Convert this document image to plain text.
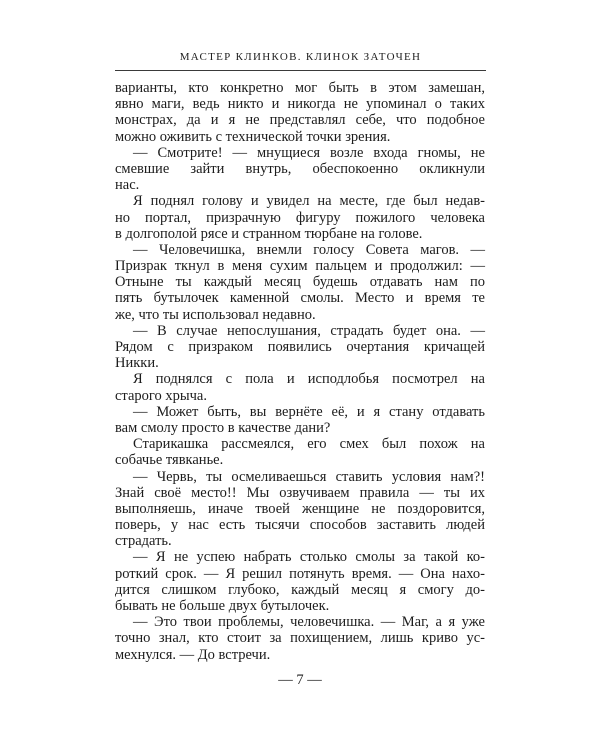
МАСТЕР КЛИНКОВ. КЛИНОК ЗАТОЧЕН
варианты, кто конкретно мог быть в этом замешан,
явно маги, ведь никто и никогда не упоминал о таких
монстрах, да и я не представлял себе, что подобное
можно оживить с технической точки зрения.
— Смотрите! — мнущиеся возле входа гномы, не
смевшие зайти внутрь, обеспокоенно окликнули
нас.
Я поднял голову и увидел на месте, где был недав-
но портал, призрачную фигуру пожилого человека
в долгополой рясе и странном тюрбане на голове.
— Человечишка, внемли голосу Совета магов. —
Призрак ткнул в меня сухим пальцем и продолжил: —
Отныне ты каждый месяц будешь отдавать нам по
пять бутылочек каменной смолы. Место и время те
же, что ты использовал недавно.
— В случае непослушания, страдать будет она. —
Рядом с призраком появились очертания кричащей
Никки.
Я поднялся с пола и исподлобья посмотрел на
старого хрыча.
— Может быть, вы вернёте её, и я стану отдавать
вам смолу просто в качестве дани?
Старикашка рассмеялся, его смех был похож на
собачье тявканье.
— Червь, ты осмеливаешься ставить условия нам?!
Знай своё место!! Мы озвучиваем правила — ты их
выполняешь, иначе твоей женщине не поздоровится,
поверь, у нас есть тысячи способов заставить людей
страдать.
— Я не успею набрать столько смолы за такой ко-
роткий срок. — Я решил потянуть время. — Она нахо-
дится слишком глубоко, каждый месяц я смогу до-
бывать не больше двух бутылочек.
— Это твои проблемы, человечишка. — Маг, а я уже
точно знал, кто стоит за похищением, лишь криво ус-
мехнулся. — До встречи.
— 7 —
